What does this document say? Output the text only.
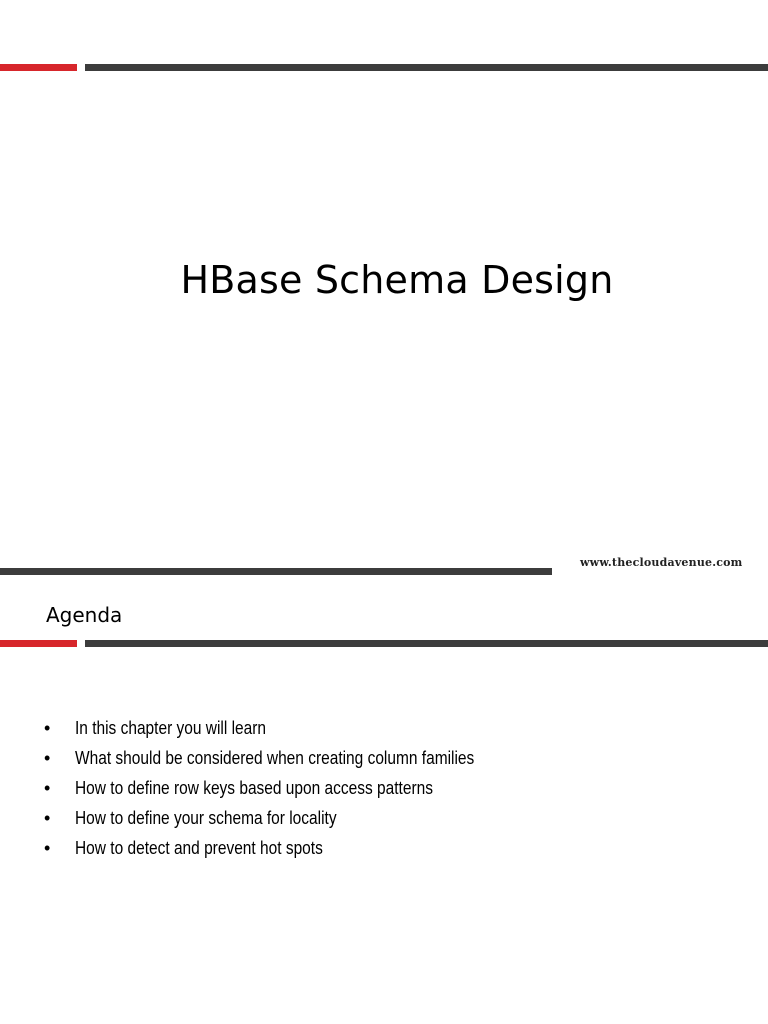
HBase Schema Design
www.thecloudavenue.com
Agenda
•	In this chapter you will learn
•	What should be considered when creating column families
•	How to define row keys based upon access patterns
•	How to define your schema for locality
•	How to detect and prevent hot spots
